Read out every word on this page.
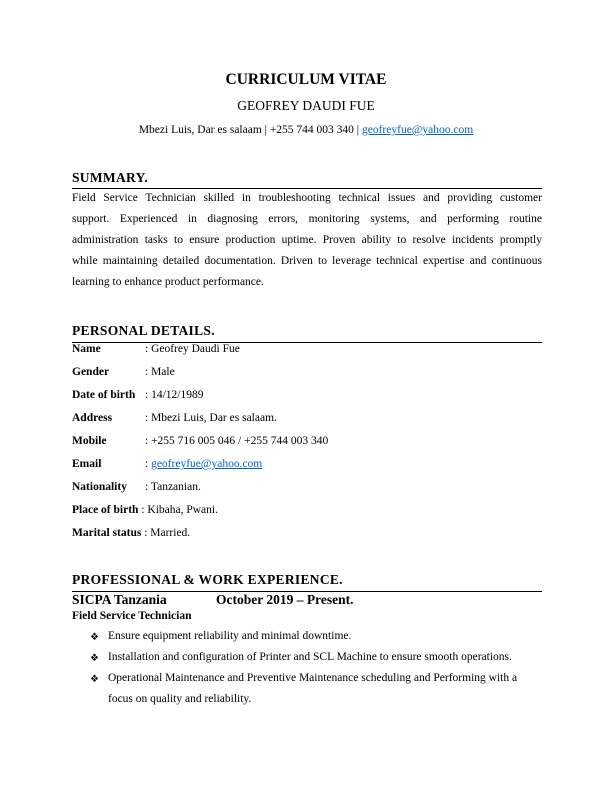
CURRICULUM VITAE
GEOFREY DAUDI FUE
Mbezi Luis, Dar es salaam | +255 744 003 340 | geofreyfue@yahoo.com
SUMMARY.
Field Service Technician skilled in troubleshooting technical issues and providing customer
support. Experienced in diagnosing errors, monitoring systems, and performing routine
administration tasks to ensure production uptime. Proven ability to resolve incidents promptly
while maintaining detailed documentation. Driven to leverage technical expertise and continuous
learning to enhance product performance.
PERSONAL DETAILS.
Name	: Geofrey Daudi Fue
Gender	: Male
Date of birth : 14/12/1989
Address	: Mbezi Luis, Dar es salaam.
Mobile	: +255 716 005 046 / +255 744 003 340
Email	: geofreyfue@yahoo.com
Nationality : Tanzanian.
Place of birth : Kibaha, Pwani.
Marital status : Married.
PROFESSIONAL & WORK EXPERIENCE.
SICPA Tanzania	October 2019 – Present.
Field Service Technician
❖ Ensure equipment reliability and minimal downtime.
❖ Installation and configuration of Printer and SCL Machine to ensure smooth operations.
❖ Operational Maintenance and Preventive Maintenance scheduling and Performing with a
focus on quality and reliability.
